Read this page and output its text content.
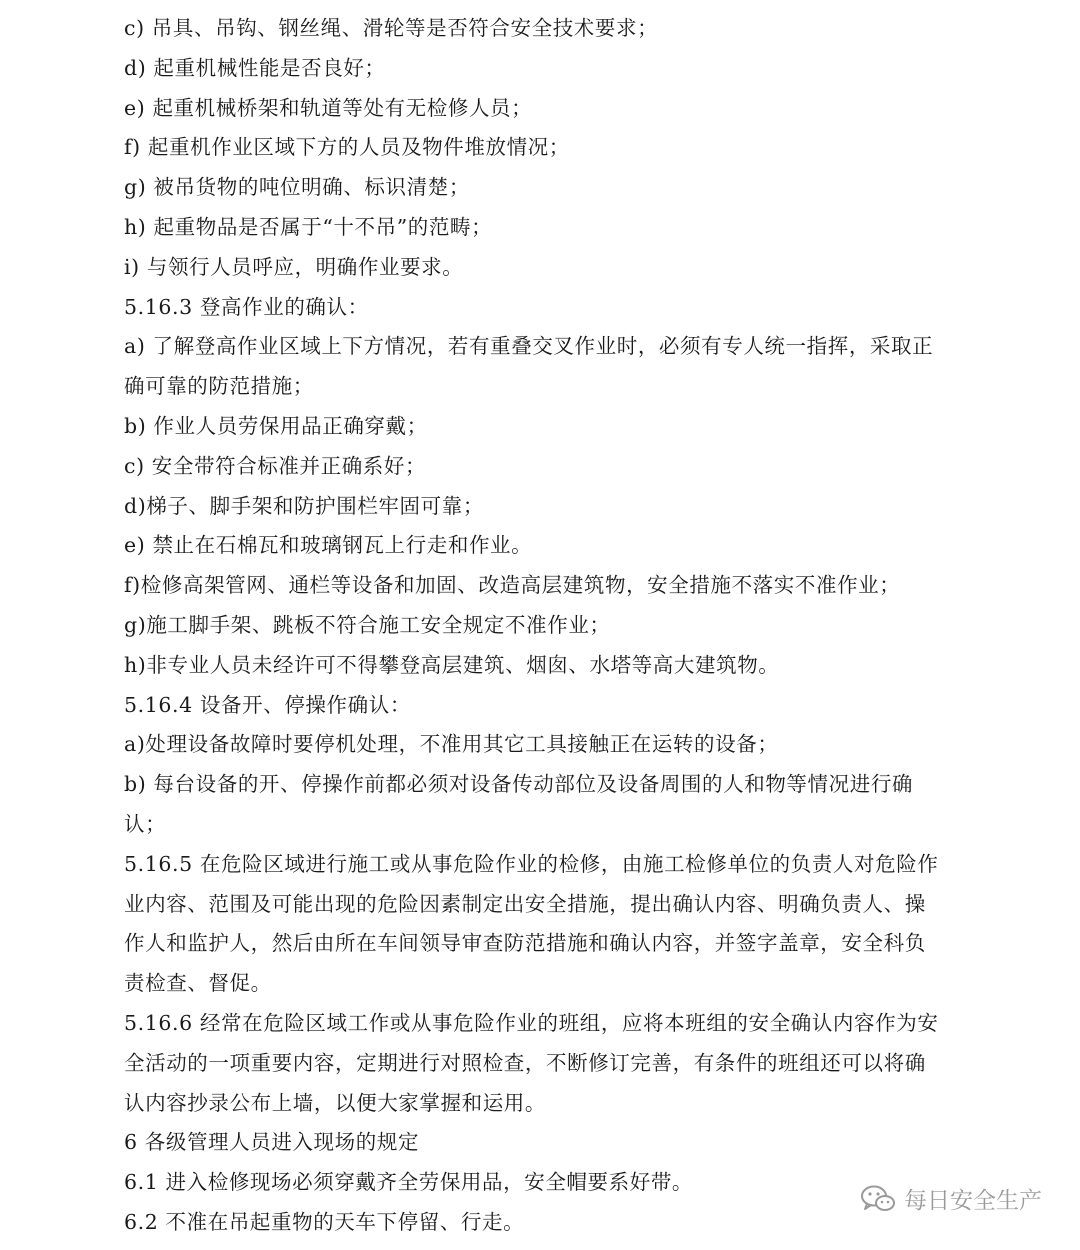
c) 吊具、吊钩、钢丝绳、滑轮等是否符合安全技术要求；
d) 起重机械性能是否良好；
e) 起重机械桥架和轨道等处有无检修人员；
f) 起重机作业区域下方的人员及物件堆放情况；
g) 被吊货物的吨位明确、标识清楚；
h) 起重物品是否属于“十不吊”的范畴；
i) 与领行人员呼应，明确作业要求。
5.16.3 登高作业的确认：
a) 了解登高作业区域上下方情况，若有重叠交叉作业时，必须有专人统一指挥，采取正
确可靠的防范措施；
b) 作业人员劳保用品正确穿戴；
c) 安全带符合标准并正确系好；
d)梯子、脚手架和防护围栏牢固可靠；
e) 禁止在石棉瓦和玻璃钢瓦上行走和作业。
f)检修高架管网、通栏等设备和加固、改造高层建筑物，安全措施不落实不准作业；
g)施工脚手架、跳板不符合施工安全规定不准作业；
h)非专业人员未经许可不得攀登高层建筑、烟囱、水塔等高大建筑物。
5.16.4 设备开、停操作确认：
a)处理设备故障时要停机处理，不准用其它工具接触正在运转的设备；
b) 每台设备的开、停操作前都必须对设备传动部位及设备周围的人和物等情况进行确
认；
5.16.5 在危险区域进行施工或从事危险作业的检修，由施工检修单位的负责人对危险作
业内容、范围及可能出现的危险因素制定出安全措施，提出确认内容、明确负责人、操
作人和监护人，然后由所在车间领导审查防范措施和确认内容，并签字盖章，安全科负
责检查、督促。
5.16.6 经常在危险区域工作或从事危险作业的班组，应将本班组的安全确认内容作为安
全活动的一项重要内容，定期进行对照检查，不断修订完善，有条件的班组还可以将确
认内容抄录公布上墙，以便大家掌握和运用。
6 各级管理人员进入现场的规定
6.1 进入检修现场必须穿戴齐全劳保用品，安全帽要系好带。
6.2 不准在吊起重物的天车下停留、行走。
每日安全生产
